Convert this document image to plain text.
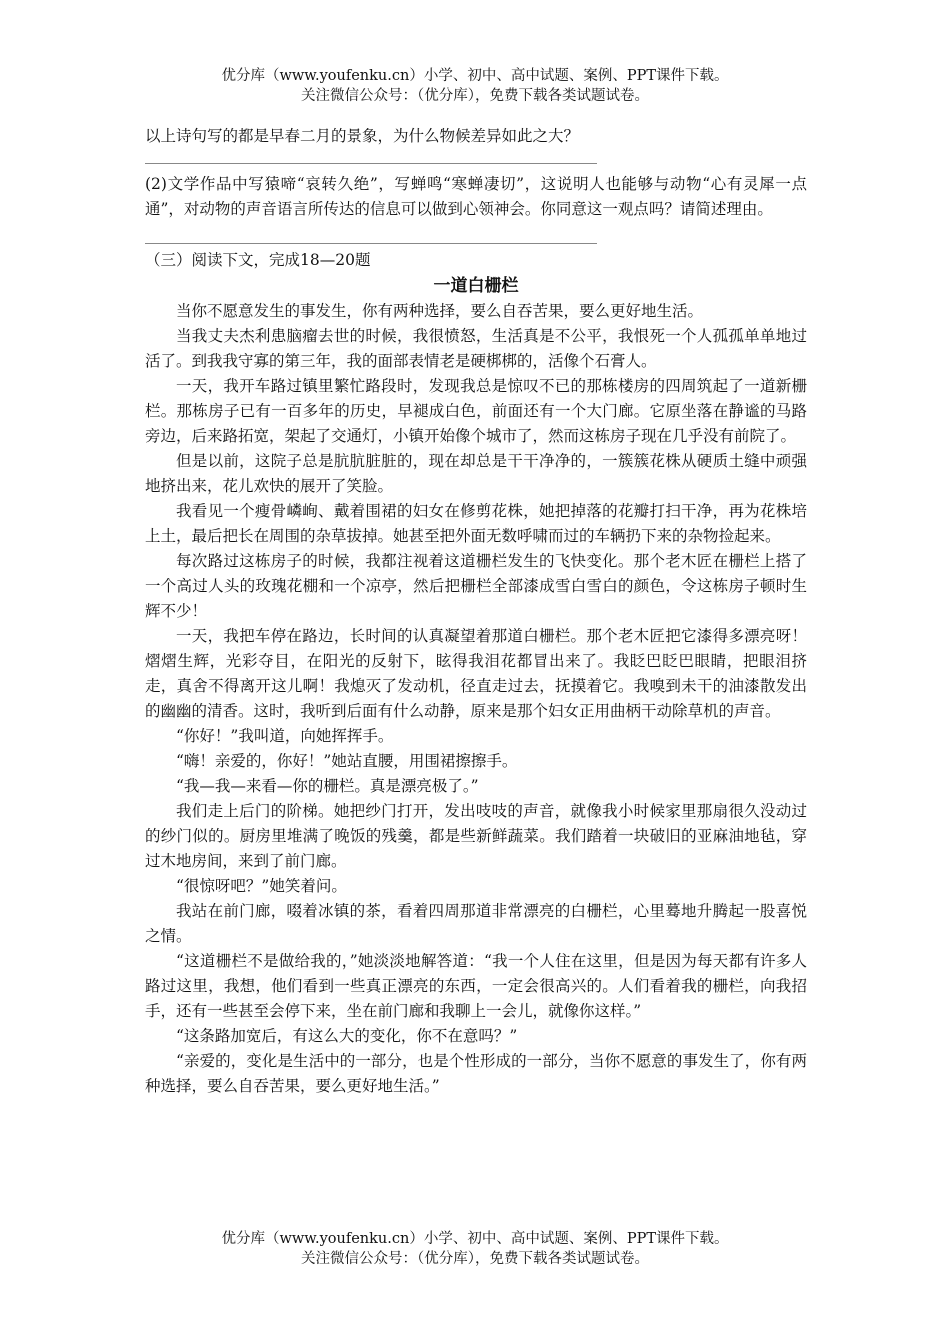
优分库（www.youfenku.cn）小学、初中、高中试题、案例、PPT课件下载。
关注微信公众号：（优分库），免费下载各类试题试卷。

以上诗句写的都是早春二月的景象，为什么物候差异如此之大？

(2)文学作品中写猿啼“哀转久绝”，写蝉鸣“寒蝉凄切”，这说明人也能够与动物“心有灵犀一点通”，对动物的声音语言所传达的信息可以做到心领神会。你同意这一观点吗？请简述理由。

（三）阅读下文，完成18—20题

一道白栅栏

当你不愿意发生的事发生，你有两种选择，要么自吞苦果，要么更好地生活。

当我丈夫杰利患脑瘤去世的时候，我很愤怒，生活真是不公平，我恨死一个人孤孤单单地过活了。到我我守寡的第三年，我的面部表情老是硬梆梆的，活像个石膏人。

一天，我开车路过镇里繁忙路段时，发现我总是惊叹不已的那栋楼房的四周筑起了一道新栅栏。那栋房子已有一百多年的历史，早褪成白色，前面还有一个大门廊。它原坐落在静谧的马路旁边，后来路拓宽，架起了交通灯，小镇开始像个城市了，然而这栋房子现在几乎没有前院了。

但是以前，这院子总是肮肮脏脏的，现在却总是干干净净的，一簇簇花株从硬质土缝中顽强地挤出来，花儿欢快的展开了笑脸。

我看见一个瘦骨嶙峋、戴着围裙的妇女在修剪花株，她把掉落的花瓣打扫干净，再为花株培上土，最后把长在周围的杂草拔掉。她甚至把外面无数呼啸而过的车辆扔下来的杂物捡起来。

每次路过这栋房子的时候，我都注视着这道栅栏发生的飞快变化。那个老木匠在栅栏上搭了一个高过人头的玫瑰花棚和一个凉亭，然后把栅栏全部漆成雪白雪白的颜色，令这栋房子顿时生辉不少！

一天，我把车停在路边，长时间的认真凝望着那道白栅栏。那个老木匠把它漆得多漂亮呀！熠熠生辉，光彩夺目，在阳光的反射下，眩得我泪花都冒出来了。我眨巴眨巴眼睛，把眼泪挤走，真舍不得离开这儿啊！我熄灭了发动机，径直走过去，抚摸着它。我嗅到未干的油漆散发出的幽幽的清香。这时，我听到后面有什么动静，原来是那个妇女正用曲柄干动除草机的声音。

“你好！”我叫道，向她挥挥手。

“嗨！亲爱的，你好！”她站直腰，用围裙擦擦手。

“我—我—来看—你的栅栏。真是漂亮极了。”

我们走上后门的阶梯。她把纱门打开，发出吱吱的声音，就像我小时候家里那扇很久没动过的纱门似的。厨房里堆满了晚饭的残羹，都是些新鲜蔬菜。我们踏着一块破旧的亚麻油地毡，穿过木地房间，来到了前门廊。

“很惊呀吧？”她笑着问。

我站在前门廊，啜着冰镇的茶，看着四周那道非常漂亮的白栅栏，心里蓦地升腾起一股喜悦之情。

“这道栅栏不是做给我的，”她淡淡地解答道：“我一个人住在这里，但是因为每天都有许多人路过这里，我想，他们看到一些真正漂亮的东西，一定会很高兴的。人们看着我的栅栏，向我招手，还有一些甚至会停下来，坐在前门廊和我聊上一会儿，就像你这样。”

“这条路加宽后，有这么大的变化，你不在意吗？”

“亲爱的，变化是生活中的一部分，也是个性形成的一部分，当你不愿意的事发生了，你有两种选择，要么自吞苦果，要么更好地生活。”

优分库（www.youfenku.cn）小学、初中、高中试题、案例、PPT课件下载。
关注微信公众号：（优分库），免费下载各类试题试卷。
